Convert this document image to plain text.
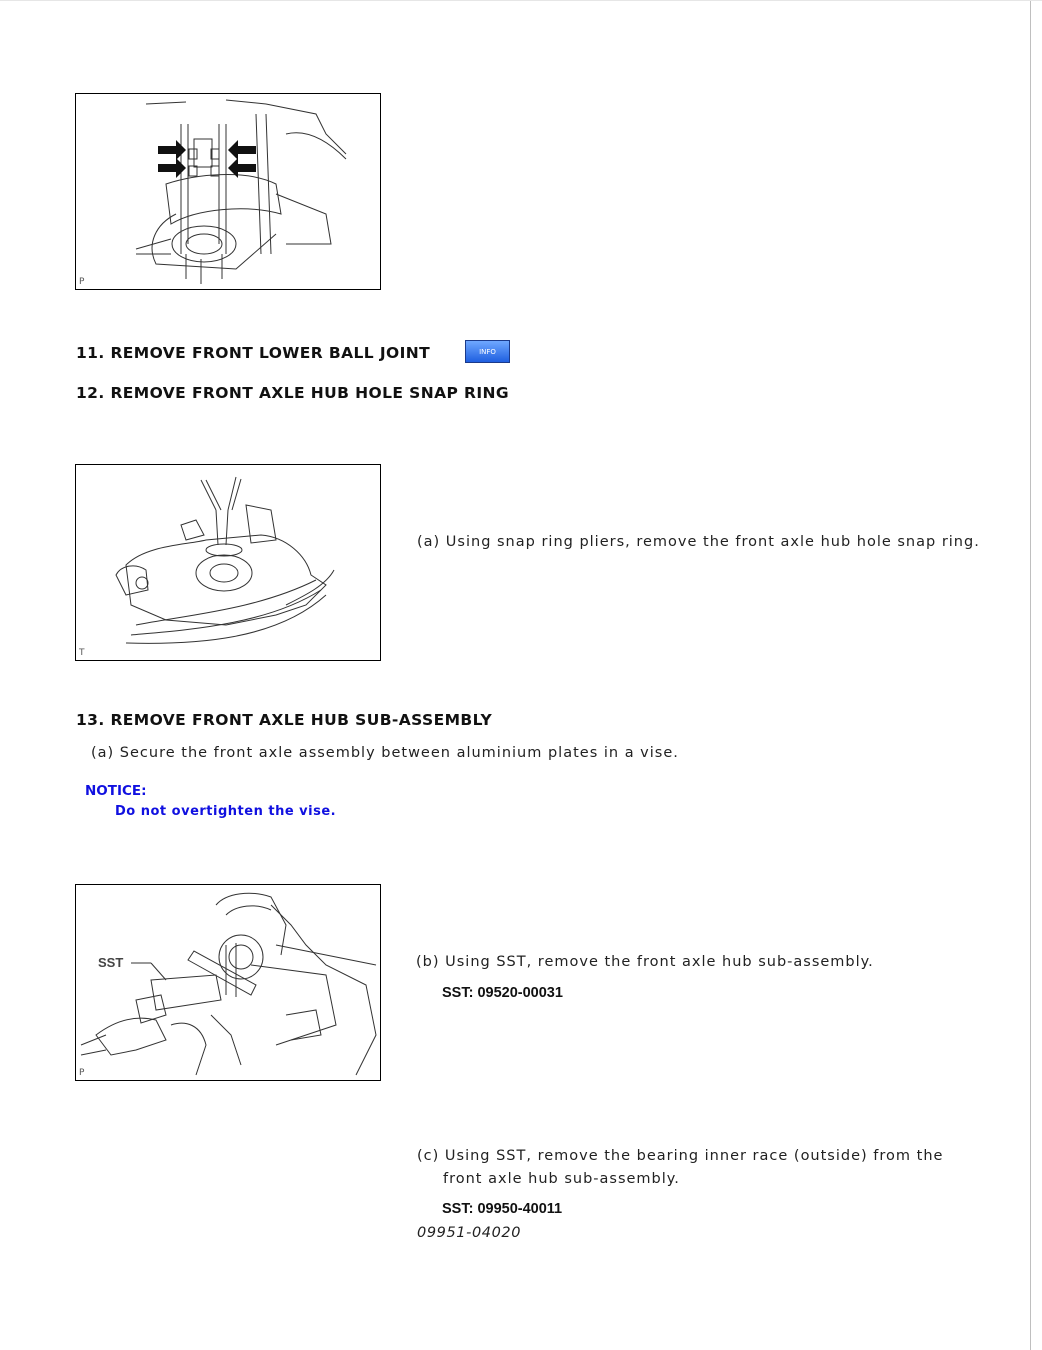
P
11. REMOVE FRONT LOWER BALL JOINT	INFO
12. REMOVE FRONT AXLE HUB HOLE SNAP RING
T
(a) Using snap ring pliers, remove the front axle hub hole snap ring.
13. REMOVE FRONT AXLE HUB SUB-ASSEMBLY
(a) Secure the front axle assembly between aluminium plates in a vise.
NOTICE:
Do not overtighten the vise.
SST
P
(b) Using SST, remove the front axle hub sub-assembly.
SST: 09520-00031
(c) Using SST, remove the bearing inner race (outside) from the front axle hub sub-assembly.
SST: 09950-40011
09951-04020
